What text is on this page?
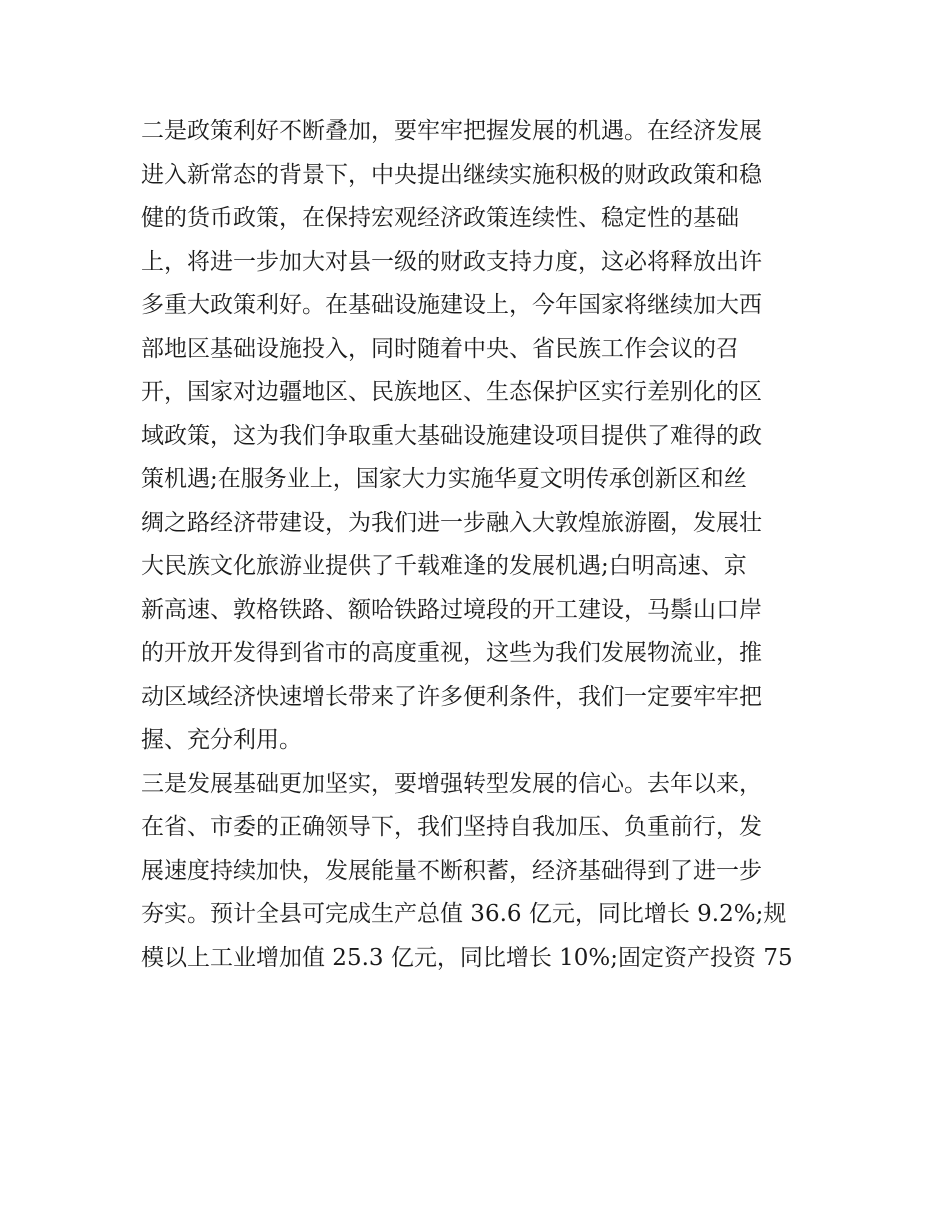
二是政策利好不断叠加，要牢牢把握发展的机遇。在经济发展
进入新常态的背景下，中央提出继续实施积极的财政政策和稳
健的货币政策，在保持宏观经济政策连续性、稳定性的基础
上，将进一步加大对县一级的财政支持力度，这必将释放出许
多重大政策利好。在基础设施建设上，今年国家将继续加大西
部地区基础设施投入，同时随着中央、省民族工作会议的召
开，国家对边疆地区、民族地区、生态保护区实行差别化的区
域政策，这为我们争取重大基础设施建设项目提供了难得的政
策机遇;在服务业上，国家大力实施华夏文明传承创新区和丝
绸之路经济带建设，为我们进一步融入大敦煌旅游圈，发展壮
大民族文化旅游业提供了千载难逢的发展机遇;白明高速、京
新高速、敦格铁路、额哈铁路过境段的开工建设，马鬃山口岸
的开放开发得到省市的高度重视，这些为我们发展物流业，推
动区域经济快速增长带来了许多便利条件，我们一定要牢牢把
握、充分利用。
三是发展基础更加坚实，要增强转型发展的信心。去年以来，
在省、市委的正确领导下，我们坚持自我加压、负重前行，发
展速度持续加快，发展能量不断积蓄，经济基础得到了进一步
夯实。预计全县可完成生产总值 36.6 亿元，同比增长 9.2%;规
模以上工业增加值 25.3 亿元，同比增长 10%;固定资产投资 75
